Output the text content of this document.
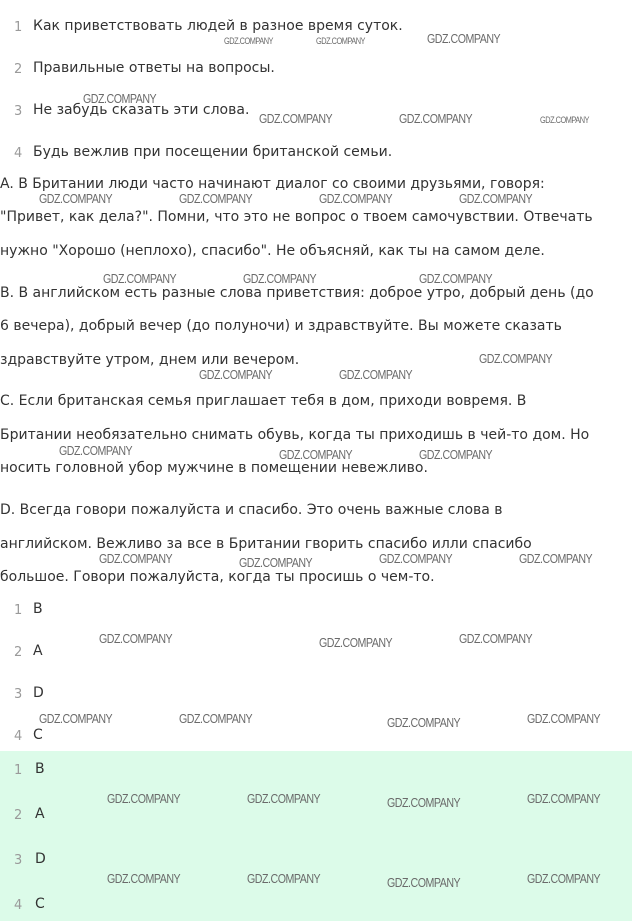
1 Как приветствовать людей в разное время суток.
2 Правильные ответы на вопросы.
3 Не забудь сказать эти слова.
4 Будь вежлив при посещении британской семьи.
A. В Британии люди часто начинают диалог со своими друзьями, говоря:
"Привет, как дела?". Помни, что это не вопрос о твоем самочувствии. Отвечать
нужно "Хорошо (неплохо), спасибо". Не объясняй, как ты на самом деле.
B. В английском есть разные слова приветствия: доброе утро, добрый день (до
6 вечера), добрый вечер (до полуночи) и здравствуйте. Вы можете сказать
здравствуйте утром, днем или вечером.
C. Если британская семья приглашает тебя в дом, приходи вовремя. В
Британии необязательно снимать обувь, когда ты приходишь в чей-то дом. Но
носить головной убор мужчине в помещении невежливо.
D. Всегда говори пожалуйста и спасибо. Это очень важные слова в
английском. Вежливо за все в Британии гворить спасибо илли спасибо
большое. Говори пожалуйста, когда ты просишь о чем-то.
1 B
2 A
3 D
4 C
1 B
2 A
3 D
4 C
GDZ.COMPANY	GDZ.COMPANY	GDZ.COMPANY
GDZ.COMPANY
GDZ.COMPANY	GDZ.COMPANY	GDZ.COMPANY
GDZ.COMPANY	GDZ.COMPANY	GDZ.COMPANY	GDZ.COMPANY
GDZ.COMPANY	GDZ.COMPANY	GDZ.COMPANY
GDZ.COMPANY
GDZ.COMPANY	GDZ.COMPANY
GDZ.COMPANY	GDZ.COMPANY	GDZ.COMPANY
GDZ.COMPANY	GDZ.COMPANY	GDZ.COMPANY	GDZ.COMPANY
GDZ.COMPANY	GDZ.COMPANY	GDZ.COMPANY
GDZ.COMPANY	GDZ.COMPANY	GDZ.COMPANY	GDZ.COMPANY
GDZ.COMPANY	GDZ.COMPANY	GDZ.COMPANY	GDZ.COMPANY
GDZ.COMPANY	GDZ.COMPANY	GDZ.COMPANY	GDZ.COMPANY
